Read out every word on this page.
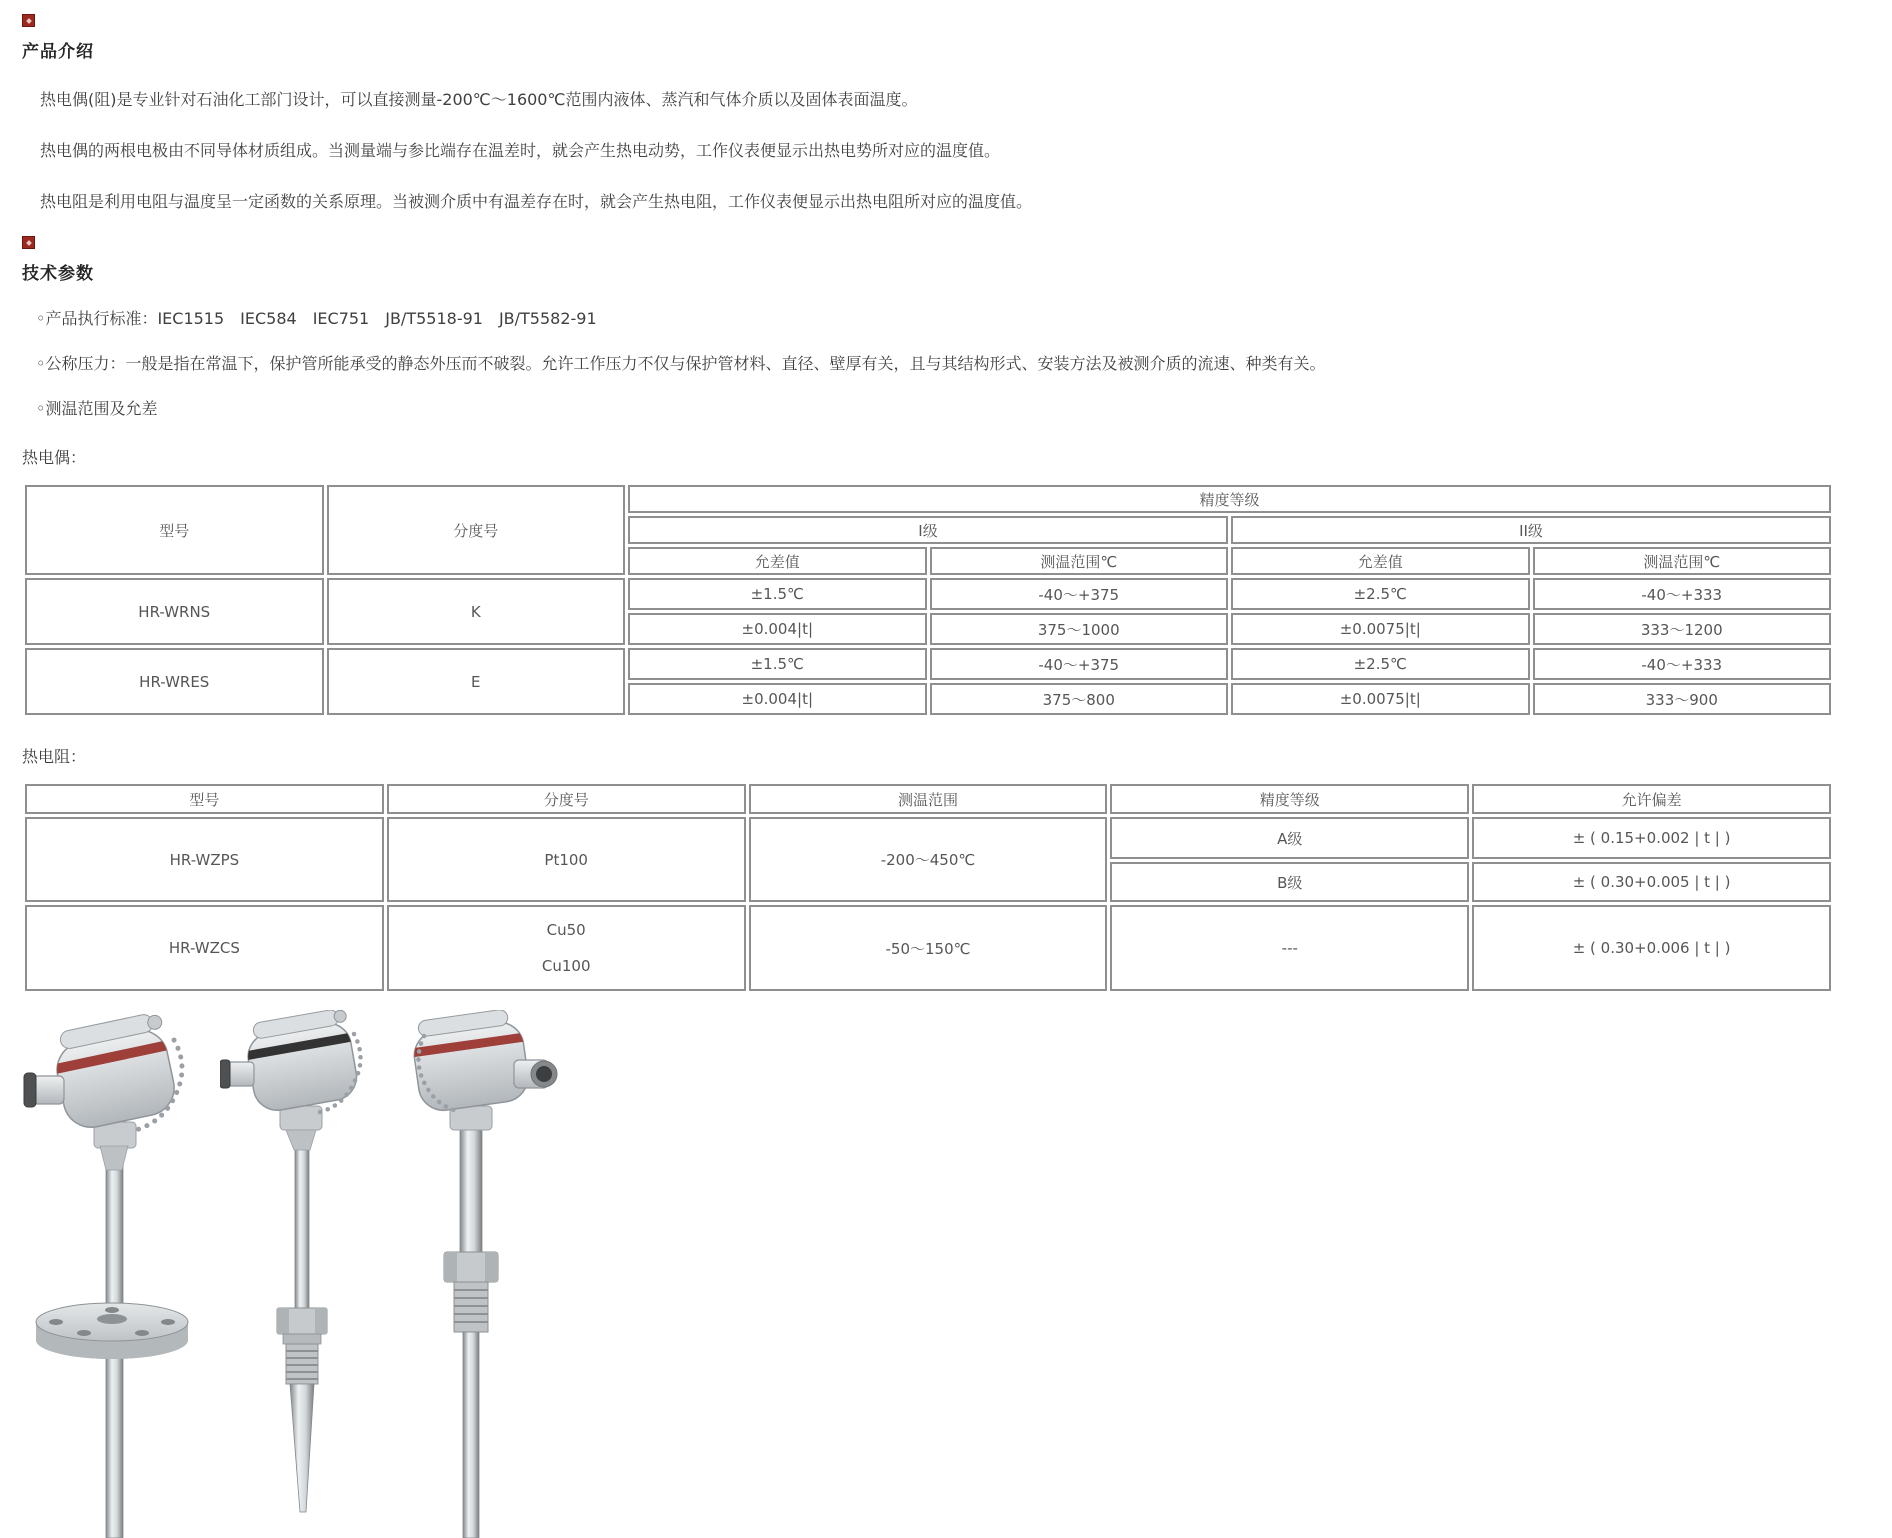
产品介绍
热电偶(阻)是专业针对石油化工部门设计，可以直接测量-200℃～1600℃范围内液体、蒸汽和气体介质以及固体表面温度。
热电偶的两根电极由不同导体材质组成。当测量端与参比端存在温差时，就会产生热电动势，工作仪表便显示出热电势所对应的温度值。
热电阻是利用电阻与温度呈一定函数的关系原理。当被测介质中有温差存在时，就会产生热电阻，工作仪表便显示出热电阻所对应的温度值。
技术参数
◦产品执行标准：IEC1515　IEC584　IEC751　JB/T5518-91　JB/T5582-91
◦公称压力：一般是指在常温下，保护管所能承受的静态外压而不破裂。允许工作压力不仅与保护管材料、直径、壁厚有关，且与其结构形式、安装方法及被测介质的流速、种类有关。
◦测温范围及允差
热电偶：
型号	分度号	精度等级			
		I级		II级	
		允差值	测温范围℃	允差值	测温范围℃
HR-WRNS	K	±1.5℃	-40～+375	±2.5℃	-40～+333
		±0.004|t|	375～1000	±0.0075|t|	333～1200
HR-WRES	E	±1.5℃	-40～+375	±2.5℃	-40～+333
		±0.004|t|	375～800	±0.0075|t|	333～900
热电阻：
型号	分度号	测温范围	精度等级	允许偏差
HR-WZPS	Pt100	-200～450℃	A级	± ( 0.15+0.002 | t | )
			B级	± ( 0.30+0.005 | t | )
HR-WZCS	Cu50
Cu100	-50～150℃	---	± ( 0.30+0.006 | t | )
